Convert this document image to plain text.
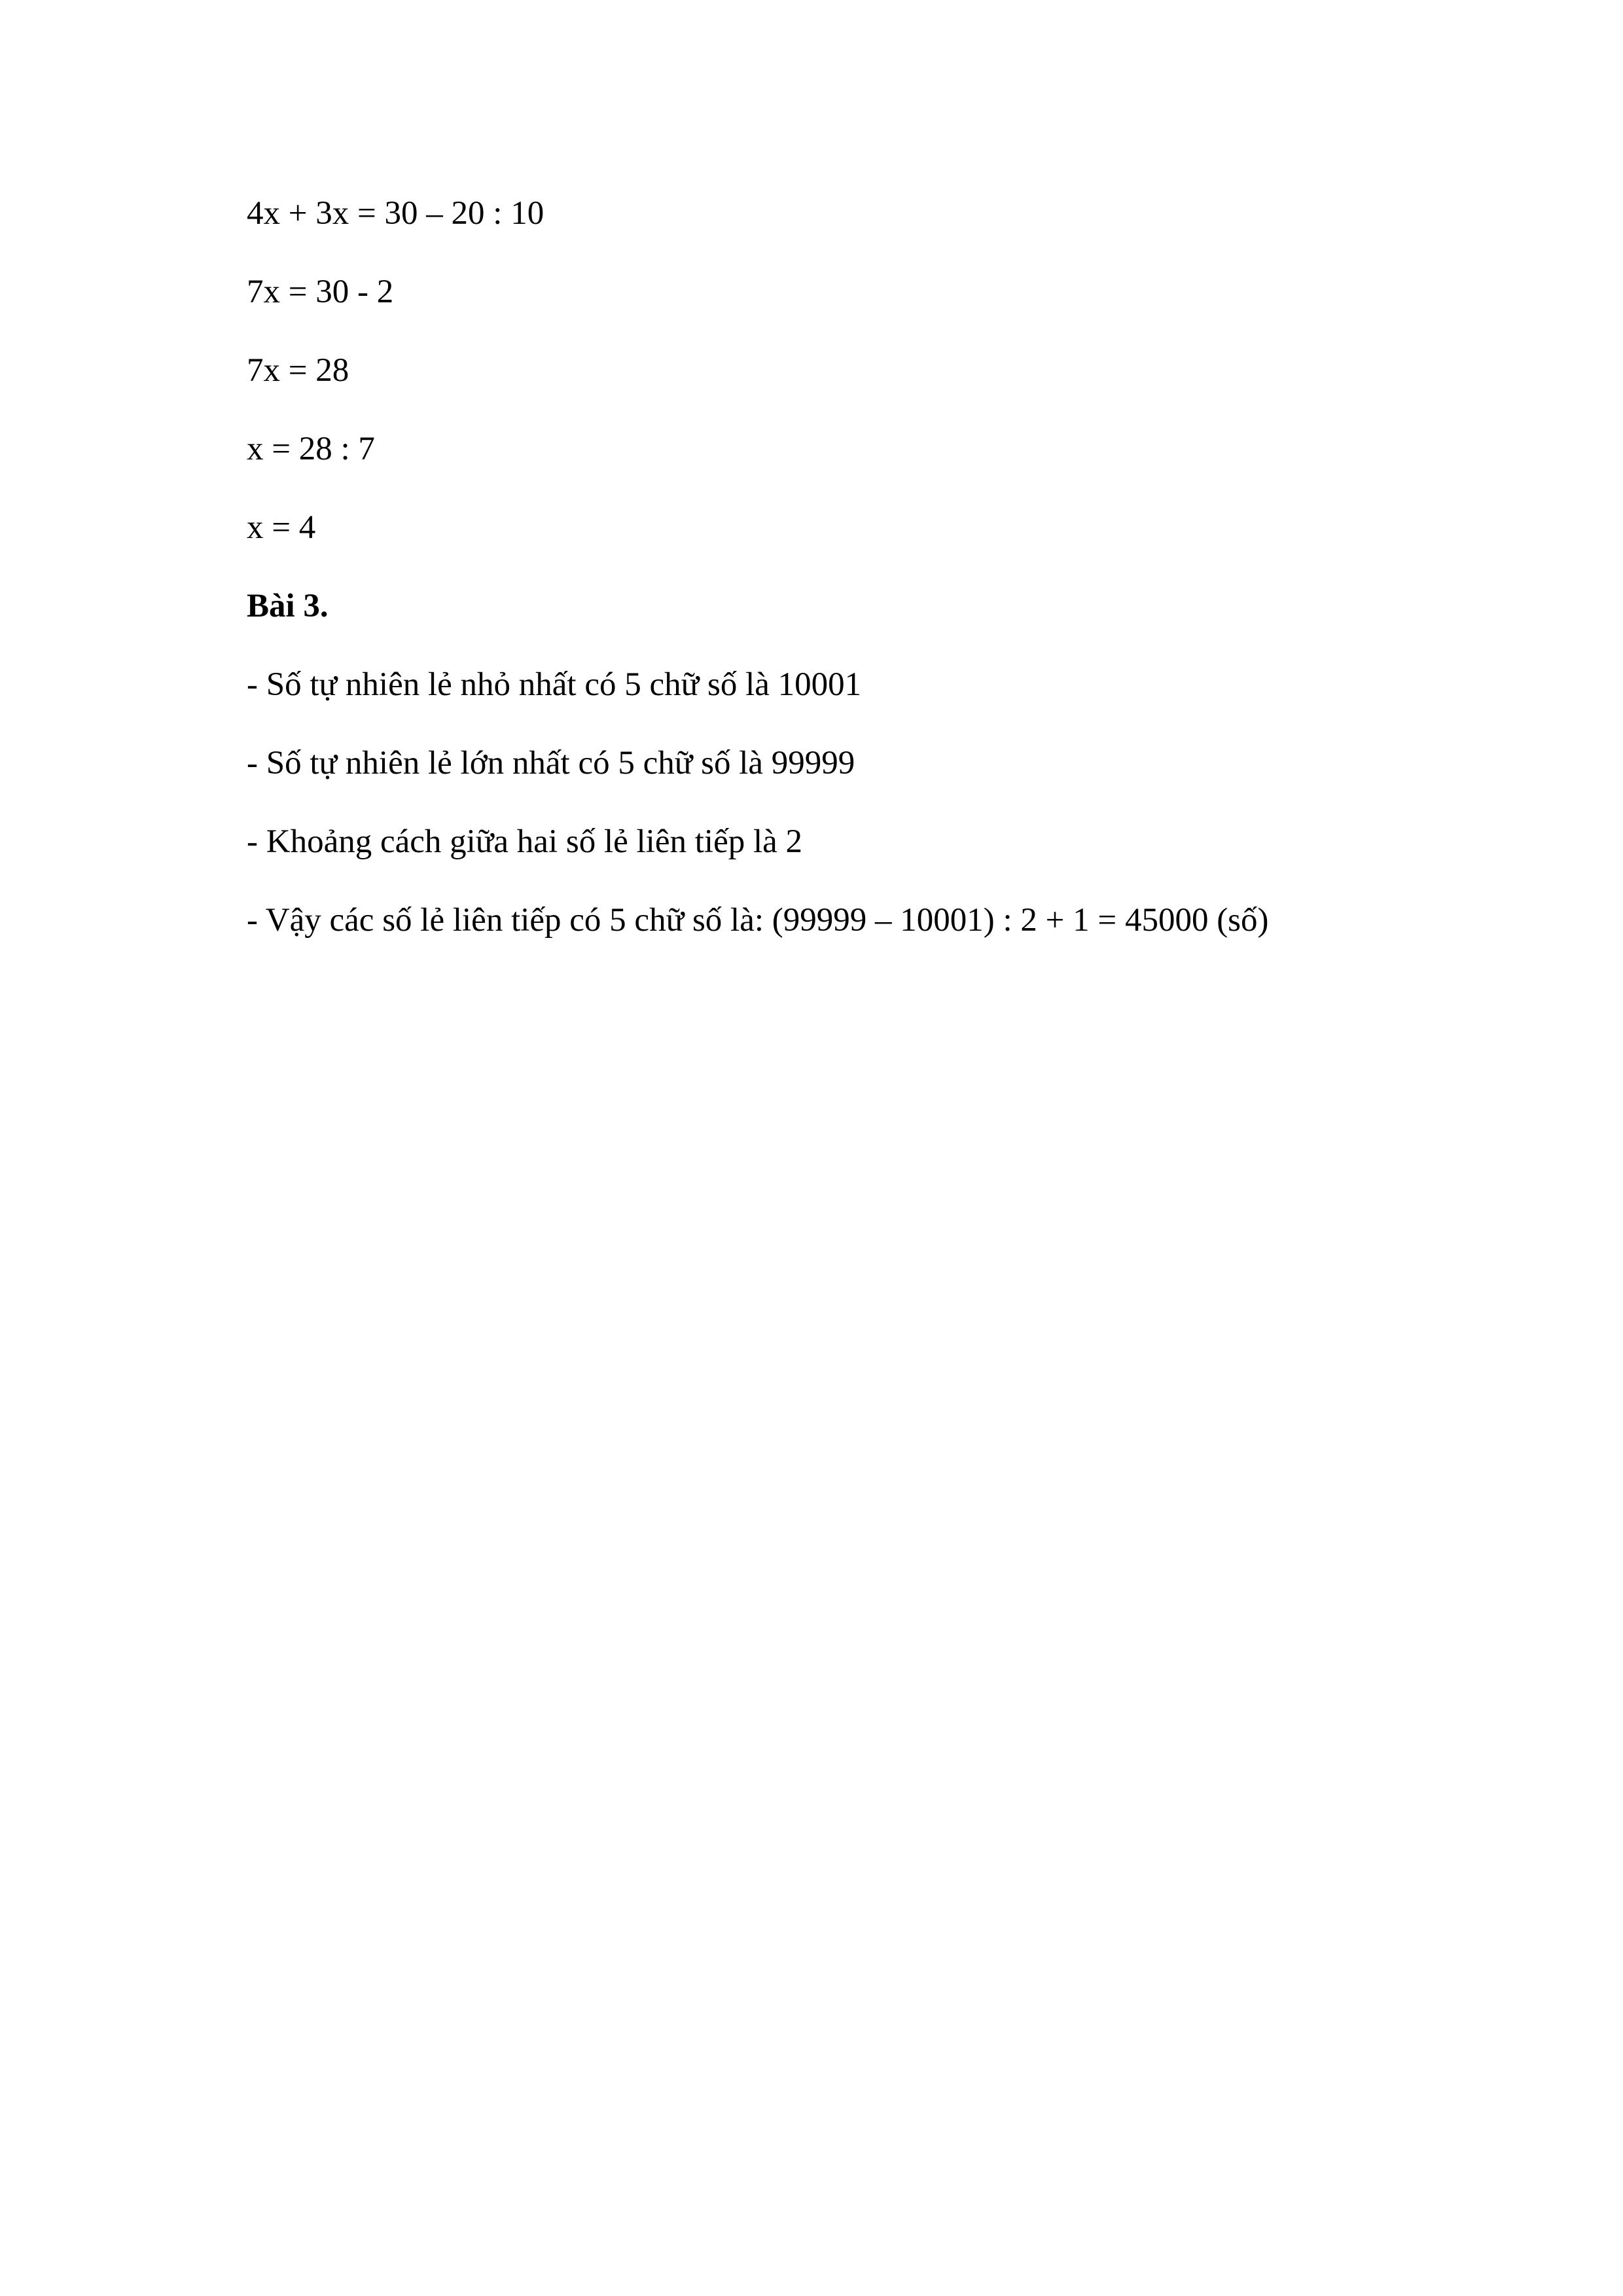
4x + 3x = 30 – 20 : 10

7x = 30 - 2

7x = 28

x = 28 : 7

x = 4

Bài 3.

- Số tự nhiên lẻ nhỏ nhất có 5 chữ số là 10001

- Số tự nhiên lẻ lớn nhất có 5 chữ số là 99999

- Khoảng cách giữa hai số lẻ liên tiếp là 2

- Vậy các số lẻ liên tiếp có 5 chữ số là: (99999 – 10001) : 2 + 1 = 45000 (số)
